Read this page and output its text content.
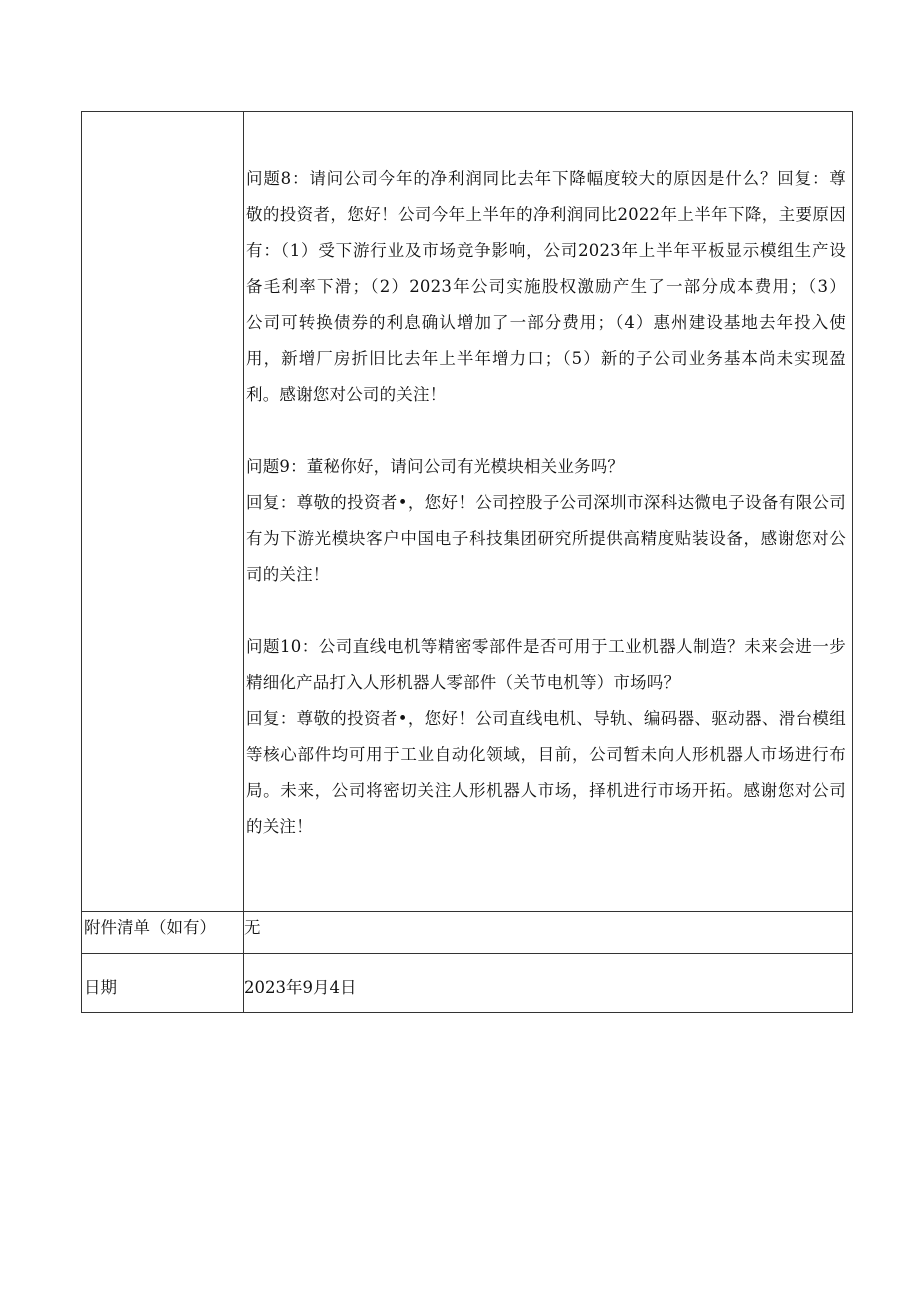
问题8：请问公司今年的净利润同比去年下降幅度较大的原因是什么？回复：尊
敬的投资者，您好！公司今年上半年的净利润同比2022年上半年下降，主要原因
有：（1）受下游行业及市场竞争影响，公司2023年上半年平板显示模组生产设
备毛利率下滑；（2）2023年公司实施股权激励产生了一部分成本费用；（3）
公司可转换债券的利息确认增加了一部分费用；（4）惠州建设基地去年投入使
用，新增厂房折旧比去年上半年增力口；（5）新的子公司业务基本尚未实现盈
利。感谢您对公司的关注！
问题9：董秘你好，请问公司有光模块相关业务吗？
回复：尊敬的投资者•，您好！公司控股子公司深圳市深科达微电子设备有限公司
有为下游光模块客户中国电子科技集团研究所提供高精度贴装设备，感谢您对公
司的关注！
问题10：公司直线电机等精密零部件是否可用于工业机器人制造？未来会进一步
精细化产品打入人形机器人零部件（关节电机等）市场吗？
回复：尊敬的投资者•，您好！公司直线电机、导轨、编码器、驱动器、滑台模组
等核心部件均可用于工业自动化领域，目前，公司暂未向人形机器人市场进行布
局。未来，公司将密切关注人形机器人市场，择机进行市场开拓。感谢您对公司
的关注！
附件清单（如有）	无
日期	2023年9月4日
